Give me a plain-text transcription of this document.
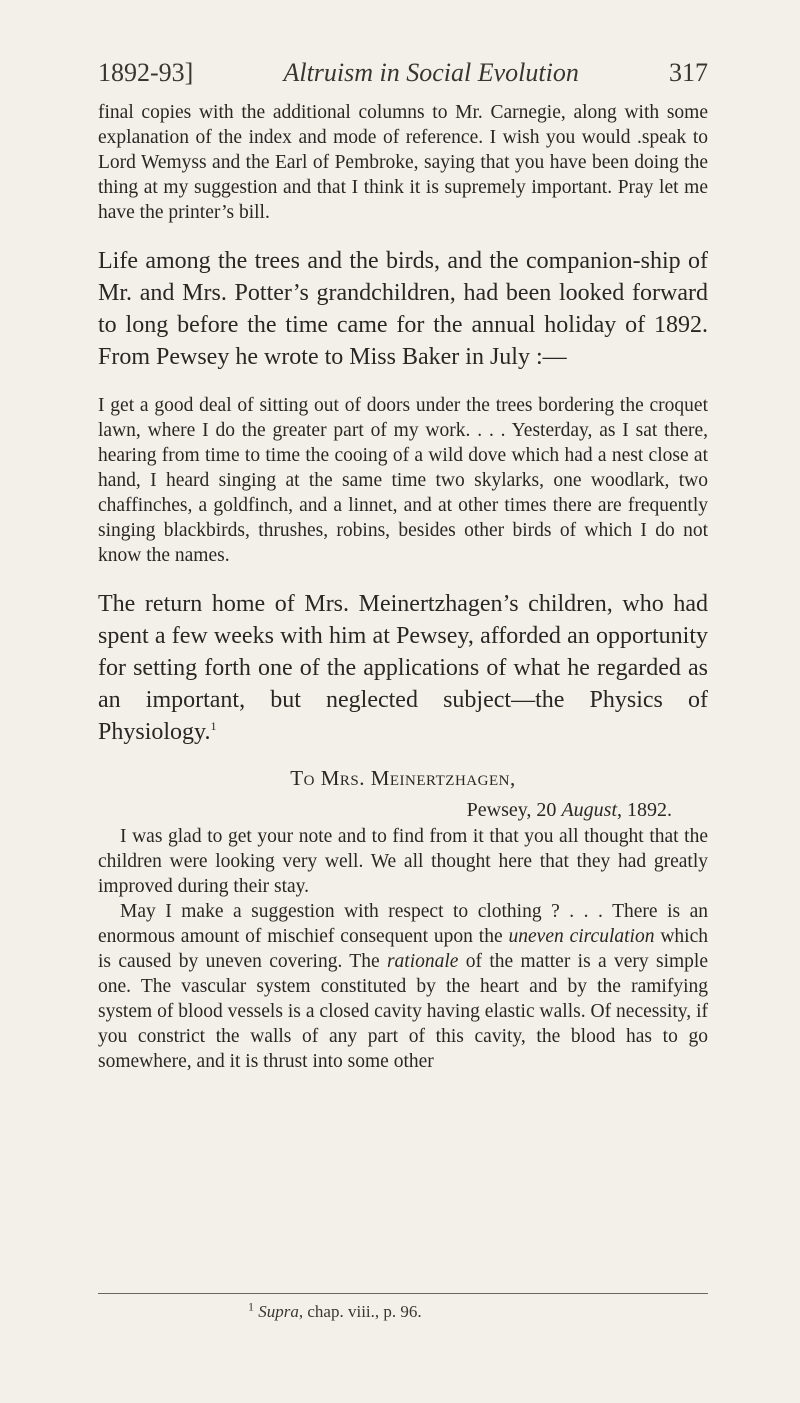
1892-93]	Altruism in Social Evolution	317

final copies with the additional columns to Mr. Carnegie, along with some explanation of the index and mode of reference. I wish you would .speak to Lord Wemyss and the Earl of Pembroke, saying that you have been doing the thing at my suggestion and that I think it is supremely important. Pray let me have the printer’s bill.

Life among the trees and the birds, and the companion-ship of Mr. and Mrs. Potter’s grandchildren, had been looked forward to long before the time came for the annual holiday of 1892. From Pewsey he wrote to Miss Baker in July :—

I get a good deal of sitting out of doors under the trees bordering the croquet lawn, where I do the greater part of my work. . . . Yesterday, as I sat there, hearing from time to time the cooing of a wild dove which had a nest close at hand, I heard singing at the same time two skylarks, one woodlark, two chaffinches, a goldfinch, and a linnet, and at other times there are frequently singing blackbirds, thrushes, robins, besides other birds of which I do not know the names.

The return home of Mrs. Meinertzhagen’s children, who had spent a few weeks with him at Pewsey, afforded an opportunity for setting forth one of the applications of what he regarded as an important, but neglected subject—the Physics of Physiology.$^1$

To Mrs. Meinertzhagen,
Pewsey, 20 August, 1892.

I was glad to get your note and to find from it that you all thought that the children were looking very well. We all thought here that they had greatly improved during their stay.

May I make a suggestion with respect to clothing ? . . . There is an enormous amount of mischief consequent upon the uneven circulation which is caused by uneven covering. The rationale of the matter is a very simple one. The vascular system constituted by the heart and by the ramifying system of blood vessels is a closed cavity having elastic walls. Of necessity, if you constrict the walls of any part of this cavity, the blood has to go somewhere, and it is thrust into some other

$^1$ Supra, chap. viii., p. 96.
